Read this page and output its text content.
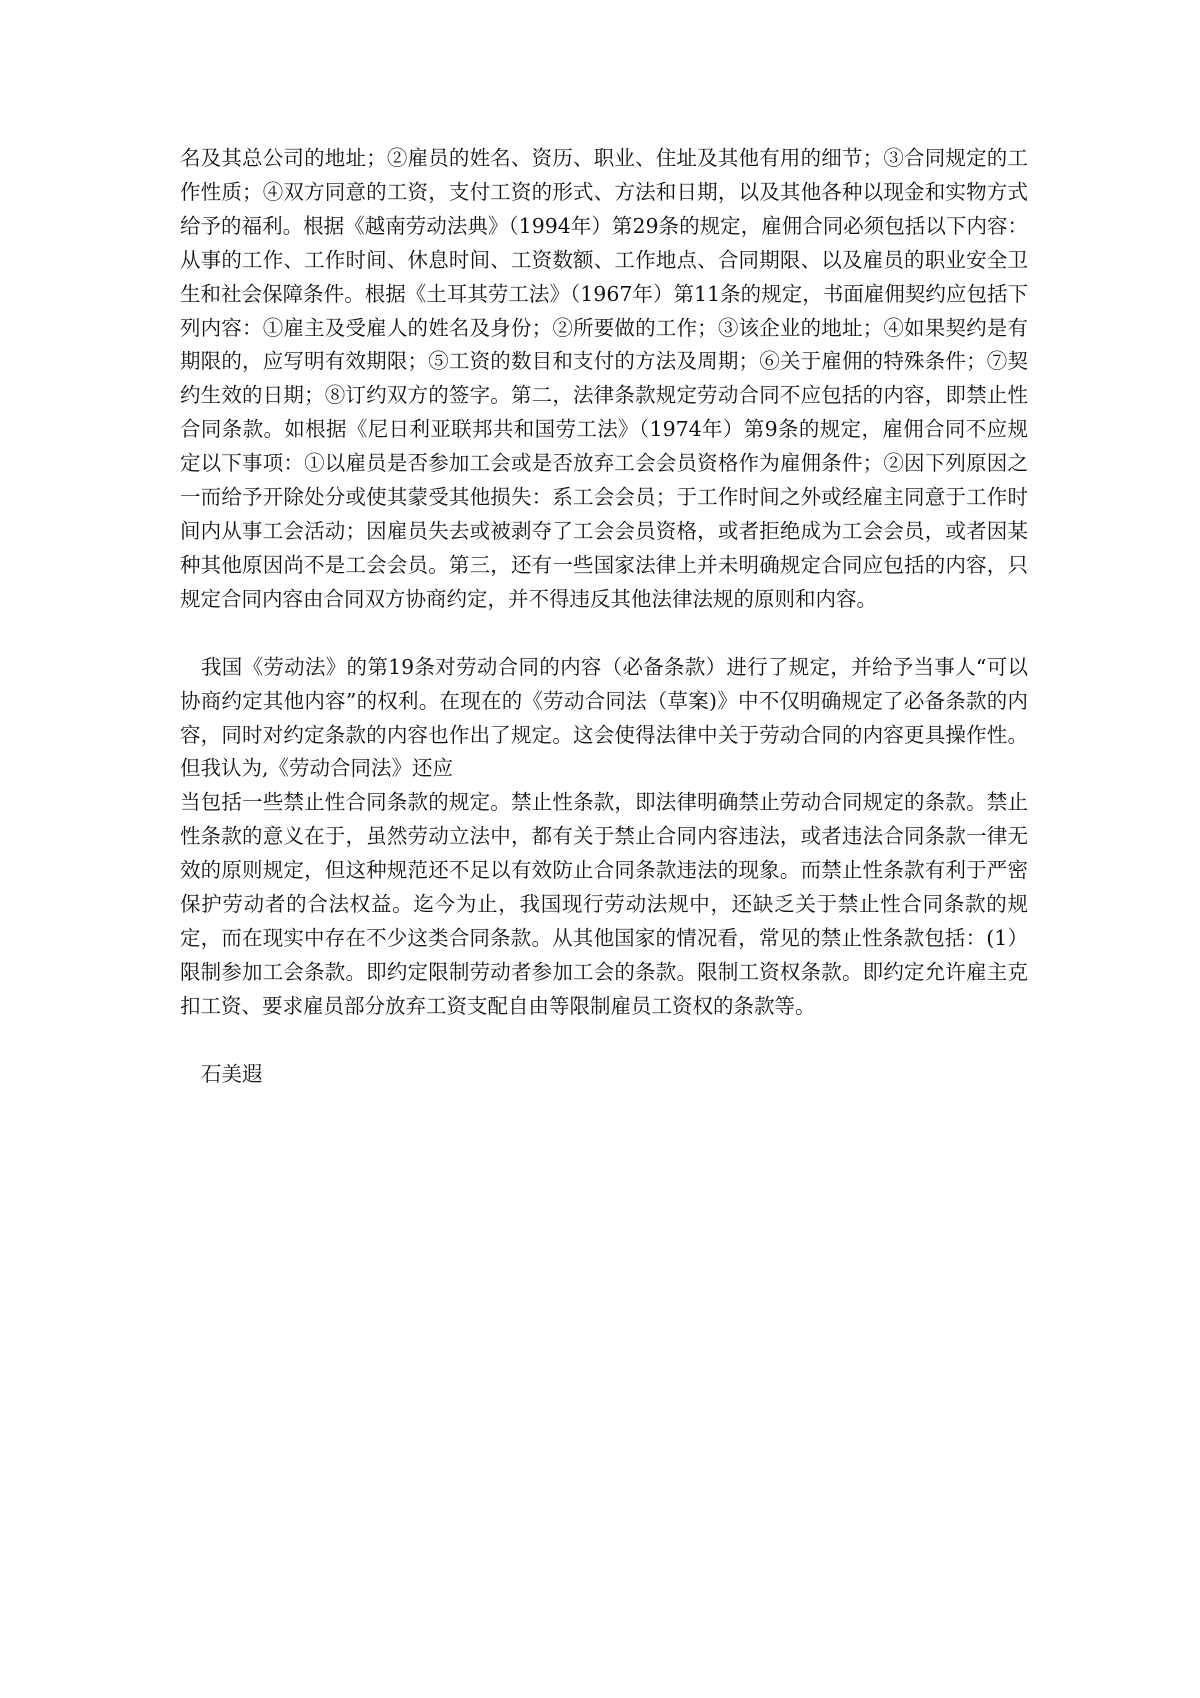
名及其总公司的地址；②雇员的姓名、资历、职业、住址及其他有用的细节；③合同规定的工作性质；④双方同意的工资，支付工资的形式、方法和日期，以及其他各种以现金和实物方式给予的福利。根据《越南劳动法典》（1994年）第29条的规定，雇佣合同必须包括以下内容：从事的工作、工作时间、休息时间、工资数额、工作地点、合同期限、以及雇员的职业安全卫生和社会保障条件。根据《土耳其劳工法》（1967年）第11条的规定，书面雇佣契约应包括下列内容：①雇主及受雇人的姓名及身份；②所要做的工作；③该企业的地址；④如果契约是有期限的，应写明有效期限；⑤工资的数目和支付的方法及周期；⑥关于雇佣的特殊条件；⑦契约生效的日期；⑧订约双方的签字。第二，法律条款规定劳动合同不应包括的内容，即禁止性合同条款。如根据《尼日利亚联邦共和国劳工法》（1974年）第9条的规定，雇佣合同不应规定以下事项：①以雇员是否参加工会或是否放弃工会会员资格作为雇佣条件；②因下列原因之一而给予开除处分或使其蒙受其他损失：系工会会员；于工作时间之外或经雇主同意于工作时间内从事工会活动；因雇员失去或被剥夺了工会会员资格，或者拒绝成为工会会员，或者因某种其他原因尚不是工会会员。第三，还有一些国家法律上并未明确规定合同应包括的内容，只规定合同内容由合同双方协商约定，并不得违反其他法律法规的原则和内容。

我国《劳动法》的第19条对劳动合同的内容（必备条款）进行了规定，并给予当事人“可以协商约定其他内容”的权利。在现在的《劳动合同法（草案)》中不仅明确规定了必备条款的内容，同时对约定条款的内容也作出了规定。这会使得法律中关于劳动合同的内容更具操作性。但我认为,《劳动合同法》还应

当包括一些禁止性合同条款的规定。禁止性条款，即法律明确禁止劳动合同规定的条款。禁止性条款的意义在于，虽然劳动立法中，都有关于禁止合同内容违法，或者违法合同条款一律无效的原则规定，但这种规范还不足以有效防止合同条款违法的现象。而禁止性条款有利于严密保护劳动者的合法权益。迄今为止，我国现行劳动法规中，还缺乏关于禁止性合同条款的规定，而在现实中存在不少这类合同条款。从其他国家的情况看，常见的禁止性条款包括：(1）限制参加工会条款。即约定限制劳动者参加工会的条款。限制工资权条款。即约定允许雇主克扣工资、要求雇员部分放弃工资支配自由等限制雇员工资权的条款等。

石美遐
